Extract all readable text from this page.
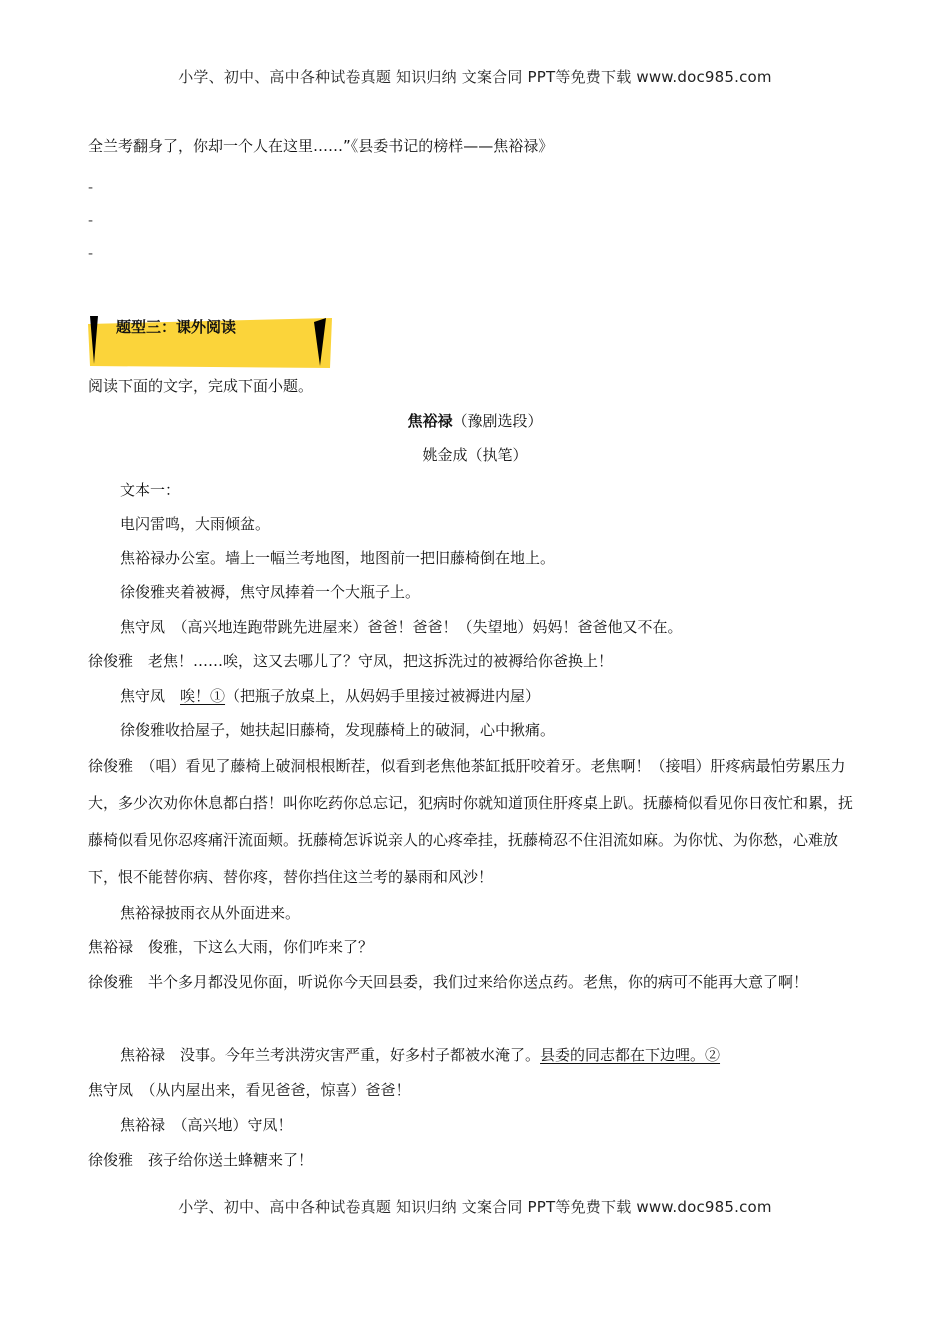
小学、初中、高中各种试卷真题 知识归纳 文案合同 PPT等免费下载 www.doc985.com
全兰考翻身了，你却一个人在这里……”《县委书记的榜样——焦裕禄》
-
-
-
题型三：课外阅读
阅读下面的文字，完成下面小题。
焦裕禄（豫剧选段）
姚金成（执笔）
文本一：
电闪雷鸣，大雨倾盆。
焦裕禄办公室。墙上一幅兰考地图，地图前一把旧藤椅倒在地上。
徐俊雅夹着被褥，焦守凤捧着一个大瓶子上。
焦守凤　（高兴地连跑带跳先进屋来）爸爸！爸爸！（失望地）妈妈！爸爸他又不在。
徐俊雅　老焦！……唉，这又去哪儿了？守凤，把这拆洗过的被褥给你爸换上！
焦守凤　唉！①（把瓶子放桌上，从妈妈手里接过被褥进内屋）
徐俊雅收拾屋子，她扶起旧藤椅，发现藤椅上的破洞，心中揪痛。
徐俊雅　（唱）看见了藤椅上破洞根根断茬，似看到老焦他茶缸抵肝咬着牙。老焦啊！（接唱）肝疼病最怕劳累压力大，多少次劝你休息都白搭！叫你吃药你总忘记，犯病时你就知道顶住肝疼桌上趴。抚藤椅似看见你日夜忙和累，抚藤椅似看见你忍疼痛汗流面颊。抚藤椅怎诉说亲人的心疼牵挂，抚藤椅忍不住泪流如麻。为你忧、为你愁，心难放下，恨不能替你病、替你疼，替你挡住这兰考的暴雨和风沙！
焦裕禄披雨衣从外面进来。
焦裕禄　俊雅，下这么大雨，你们咋来了？
徐俊雅　半个多月都没见你面，听说你今天回县委，我们过来给你送点药。老焦，你的病可不能再大意了啊！
焦裕禄　没事。今年兰考洪涝灾害严重，好多村子都被水淹了。县委的同志都在下边哩。②
焦守凤　（从内屋出来，看见爸爸，惊喜）爸爸！
焦裕禄　（高兴地）守凤！
徐俊雅　孩子给你送土蜂糖来了！
小学、初中、高中各种试卷真题 知识归纳 文案合同 PPT等免费下载 www.doc985.com
